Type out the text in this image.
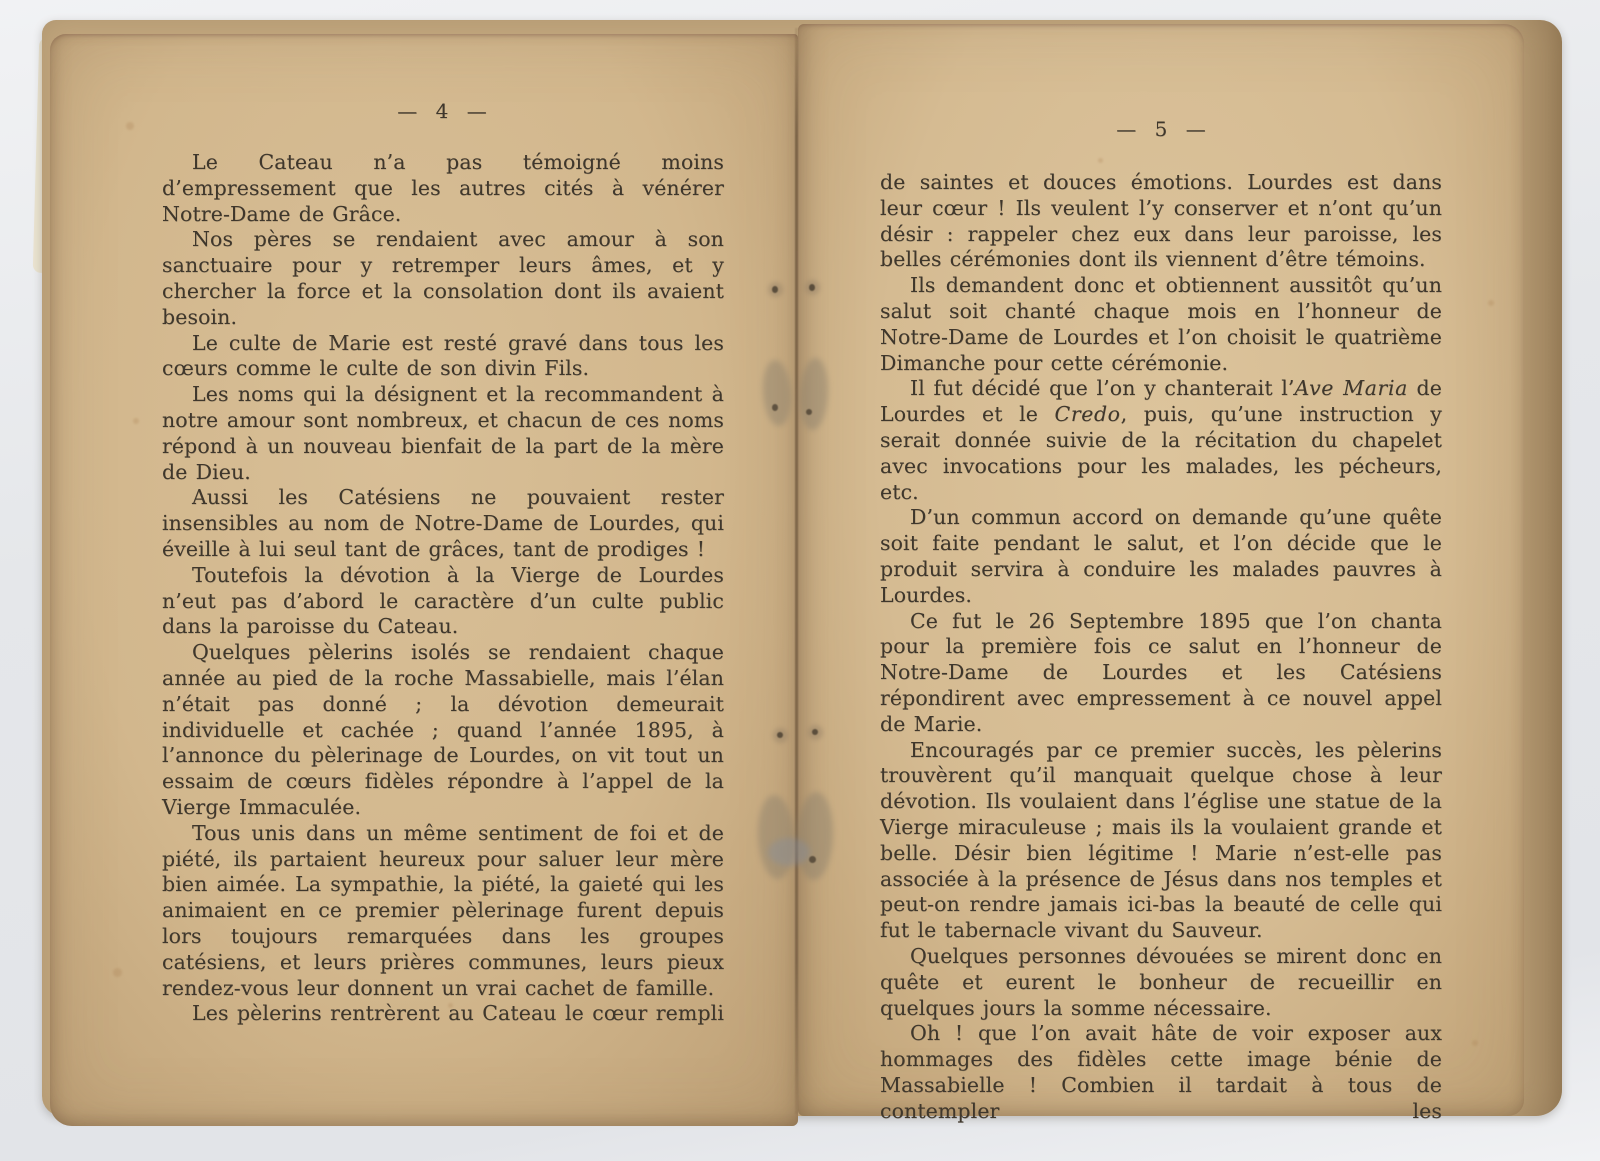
— 4 —

Le Cateau n’a pas témoigné moins d’empressement que les autres cités à vénérer Notre-Dame de Grâce.

Nos pères se rendaient avec amour à son sanctuaire pour y retremper leurs âmes, et y chercher la force et la consolation dont ils avaient besoin.

Le culte de Marie est resté gravé dans tous les cœurs comme le culte de son divin Fils.

Les noms qui la désignent et la recommandent à notre amour sont nombreux, et chacun de ces noms répond à un nouveau bienfait de la part de la mère de Dieu.

Aussi les Catésiens ne pouvaient rester insensibles au nom de Notre-Dame de Lourdes, qui éveille à lui seul tant de grâces, tant de prodiges !

Toutefois la dévotion à la Vierge de Lourdes n’eut pas d’abord le caractère d’un culte public dans la paroisse du Cateau.

Quelques pèlerins isolés se rendaient chaque année au pied de la roche Massabielle, mais l’élan n’était pas donné ; la dévotion demeurait individuelle et cachée ; quand l’année 1895, à l’annonce du pèlerinage de Lourdes, on vit tout un essaim de cœurs fidèles répondre à l’appel de la Vierge Immaculée.

Tous unis dans un même sentiment de foi et de piété, ils partaient heureux pour saluer leur mère bien aimée. La sympathie, la piété, la gaieté qui les animaient en ce premier pèlerinage furent depuis lors toujours remarquées dans les groupes catésiens, et leurs prières communes, leurs pieux rendez-vous leur donnent un vrai cachet de famille.

Les pèlerins rentrèrent au Cateau le cœur rempli

— 5 —

de saintes et douces émotions. Lourdes est dans leur cœur ! Ils veulent l’y conserver et n’ont qu’un désir : rappeler chez eux dans leur paroisse, les belles cérémonies dont ils viennent d’être témoins.

Ils demandent donc et obtiennent aussitôt qu’un salut soit chanté chaque mois en l’honneur de Notre-Dame de Lourdes et l’on choisit le quatrième Dimanche pour cette cérémonie.

Il fut décidé que l’on y chanterait l’Ave Maria de Lourdes et le Credo, puis, qu’une instruction y serait donnée suivie de la récitation du chapelet avec invocations pour les malades, les pécheurs, etc.

D’un commun accord on demande qu’une quête soit faite pendant le salut, et l’on décide que le produit servira à conduire les malades pauvres à Lourdes.

Ce fut le 26 Septembre 1895 que l’on chanta pour la première fois ce salut en l’honneur de Notre-Dame de Lourdes et les Catésiens répondirent avec empressement à ce nouvel appel de Marie.

Encouragés par ce premier succès, les pèlerins trouvèrent qu’il manquait quelque chose à leur dévotion. Ils voulaient dans l’église une statue de la Vierge miraculeuse ; mais ils la voulaient grande et belle. Désir bien légitime ! Marie n’est-elle pas associée à la présence de Jésus dans nos temples et peut-on rendre jamais ici-bas la beauté de celle qui fut le tabernacle vivant du Sauveur.

Quelques personnes dévouées se mirent donc en quête et eurent le bonheur de recueillir en quelques jours la somme nécessaire.

Oh ! que l’on avait hâte de voir exposer aux hommages des fidèles cette image bénie de Massabielle ! Combien il tardait à tous de contempler les
